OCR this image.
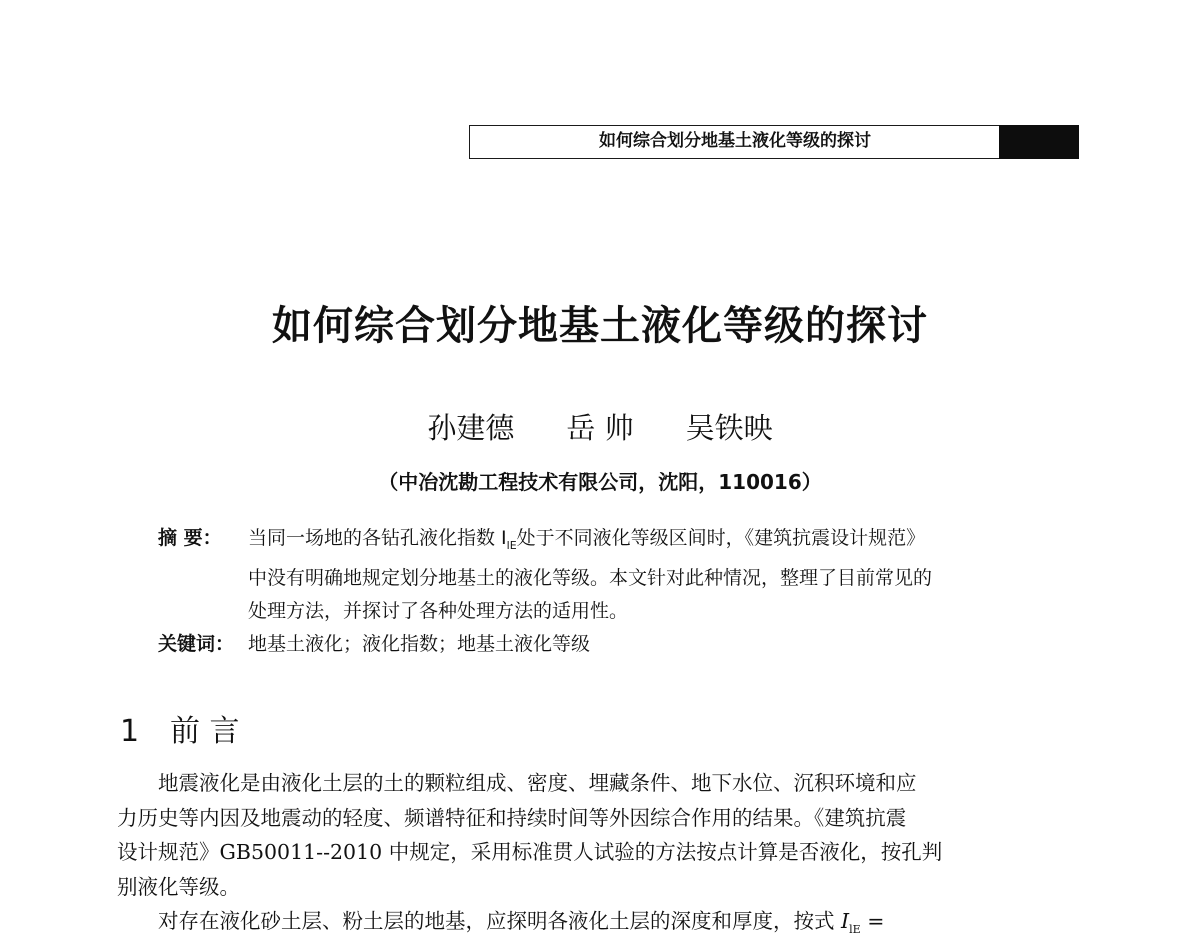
如何综合划分地基土液化等级的探讨
如何综合划分地基土液化等级的探讨
孙建德 岳 帅 吴铁映
（中冶沈勘工程技术有限公司，沈阳，110016）
摘 要：	当同一场地的各钻孔液化指数 $I_{lE}$处于不同液化等级区间时，《建筑抗震设计规范》

中没有明确地规定划分地基土的液化等级。本文针对此种情况，整理了目前常见的

处理方法，并探讨了各种处理方法的适用性。

关键词： 地基土液化；液化指数；地基土液化等级
1 前 言

地震液化是由液化土层的土的颗粒组成、密度、埋藏条件、地下水位、沉积环境和应

力历史等内因及地震动的轻度、频谱特征和持续时间等外因综合作用的结果。《建筑抗震

设计规范》GB50011--2010 中规定，采用标准贯人试验的方法按点计算是否液化，按孔判

别液化等级。

对存在液化砂土层、粉土层的地基，应探明各液化土层的深度和厚度，按式 $I_{lE}$ =
